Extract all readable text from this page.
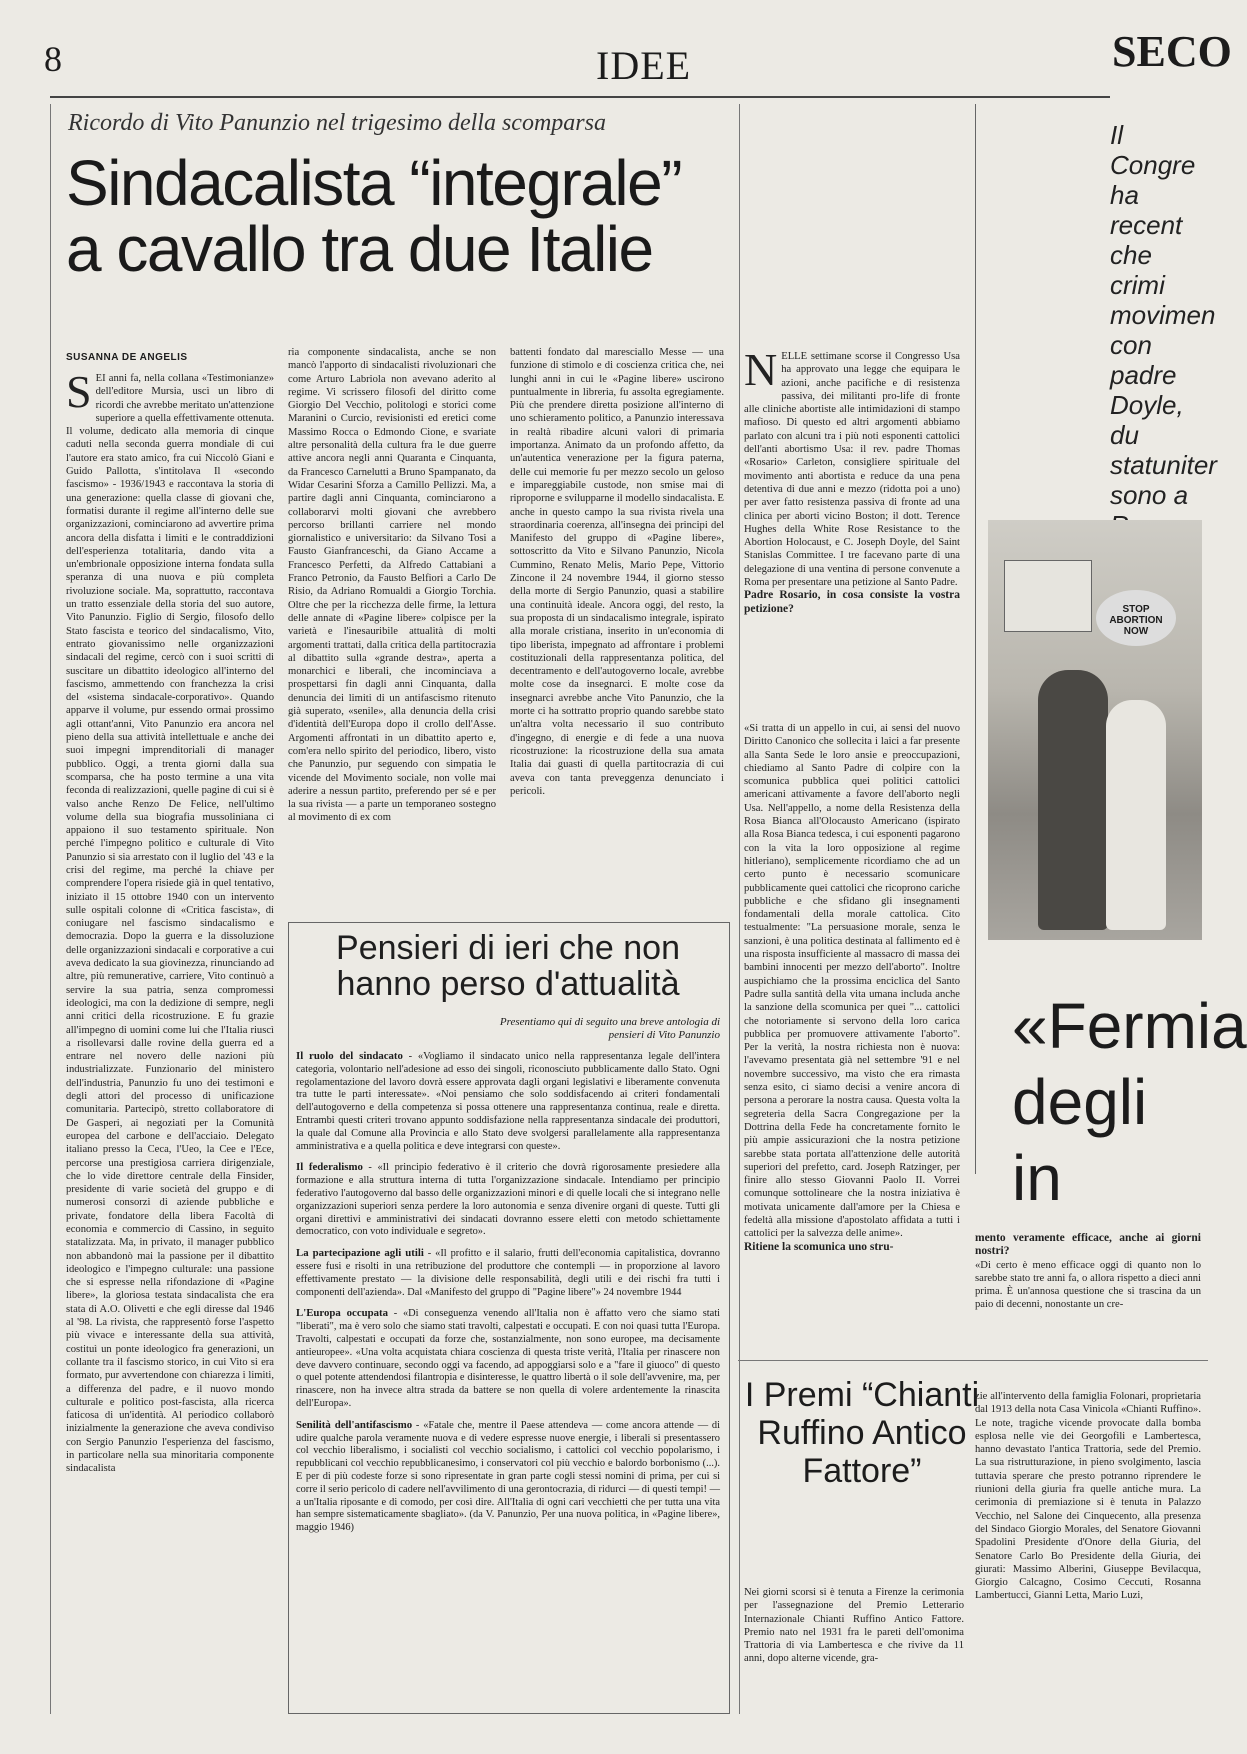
8	IDEE	SECO
Ricordo di Vito Panunzio nel trigesimo della scomparsa
Sindacalista “integrale”
a cavallo tra due Italie
SUSANNA DE ANGELIS
SEI anni fa, nella collana «Testimonianze» dell'editore Mursia, uscì un libro di ricordi che avrebbe meritato un'attenzione superiore a quella effettivamente ottenuta. Il volume, dedicato alla memoria di cinque caduti nella seconda guerra mondiale di cui l'autore era stato amico, fra cui Niccolò Giani e Guido Pallotta, s'intitolava Il «secondo fascismo» - 1936/1943 e raccontava la storia di una generazione: quella classe di giovani che, formatisi durante il regime all'interno delle sue organizzazioni, cominciarono ad avvertire prima ancora della disfatta i limiti e le contraddizioni dell'esperienza totalitaria, dando vita a un'embrionale opposizione interna fondata sulla speranza di una nuova e più completa rivoluzione sociale. Ma, soprattutto, raccontava un tratto essenziale della storia del suo autore, Vito Panunzio. Figlio di Sergio, filosofo dello Stato fascista e teorico del sindacalismo, Vito, entrato giovanissimo nelle organizzazioni sindacali del regime, cercò con i suoi scritti di suscitare un dibattito ideologico all'interno del fascismo, ammettendo con franchezza la crisi del «sistema sindacale-corporativo». Quando apparve il volume, pur essendo ormai prossimo agli ottant'anni, Vito Panunzio era ancora nel pieno della sua attività intellettuale e anche dei suoi impegni imprenditoriali di manager pubblico. Oggi, a trenta giorni dalla sua scomparsa, che ha posto termine a una vita feconda di realizzazioni, quelle pagine di cui si è valso anche Renzo De Felice, nell'ultimo volume della sua biografia mussoliniana ci appaiono il suo testamento spirituale. Non perché l'impegno politico e culturale di Vito Panunzio si sia arrestato con il luglio del '43 e la crisi del regime, ma perché la chiave per comprendere l'opera risiede già in quel tentativo, iniziato il 15 ottobre 1940 con un intervento sulle ospitali colonne di «Critica fascista», di coniugare nel fascismo sindacalismo e democrazia. Dopo la guerra e la dissoluzione delle organizzazioni sindacali e corporative a cui aveva dedicato la sua giovinezza, rinunciando ad altre, più remunerative, carriere, Vito continuò a servire la sua patria, senza compromessi ideologici, ma con la dedizione di sempre, negli anni critici della ricostruzione. E fu grazie all'impegno di uomini come lui che l'Italia riuscì a risollevarsi dalle rovine della guerra ed a entrare nel novero delle nazioni più industrializzate. Funzionario del ministero dell'industria, Panunzio fu uno dei testimoni e degli attori del processo di unificazione comunitaria. Partecipò, stretto collaboratore di De Gasperi, ai negoziati per la Comunità europea del carbone e dell'acciaio. Delegato italiano presso la Ceca, l'Ueo, la Cee e l'Ece, percorse una prestigiosa carriera dirigenziale, che lo vide direttore centrale della Finsider, presidente di varie società del gruppo e di numerosi consorzi di aziende pubbliche e private, fondatore della libera Facoltà di economia e commercio di Cassino, in seguito statalizzata. Ma, in privato, il manager pubblico non abbandonò mai la passione per il dibattito ideologico e l'impegno culturale: una passione che si espresse nella rifondazione di «Pagine libere», la gloriosa testata sindacalista che era stata di A.O. Olivetti e che egli diresse dal 1946 al '98. La rivista, che rappresentò forse l'aspetto più vivace e interessante della sua attività, costituì un ponte ideologico fra generazioni, un collante tra il fascismo storico, in cui Vito si era formato, pur avvertendone con chiarezza i limiti, a differenza del padre, e il nuovo mondo culturale e politico post-fascista, alla ricerca faticosa di un'identità. Al periodico collaborò inizialmente la generazione che aveva condiviso con Sergio Panunzio l'esperienza del fascismo, in particolare nella sua minoritaria componente sindacalista
ria componente sindacalista, anche se non mancò l'apporto di sindacalisti rivoluzionari che come Arturo Labriola non avevano aderito al regime. Vi scrissero filosofi del diritto come Giorgio Del Vecchio, politologi e storici come Maranini o Curcio, revisionisti ed eretici come Massimo Rocca o Edmondo Cione, e svariate altre personalità della cultura fra le due guerre attive ancora negli anni Quaranta e Cinquanta, da Francesco Carnelutti a Bruno Spampanato, da Widar Cesarini Sforza a Camillo Pellizzi. Ma, a partire dagli anni Cinquanta, cominciarono a collaborarvi molti giovani che avrebbero percorso brillanti carriere nel mondo giornalistico e universitario: da Silvano Tosi a Fausto Gianfranceschi, da Giano Accame a Francesco Perfetti, da Alfredo Cattabiani a Franco Petronio, da Fausto Belfiori a Carlo De Risio, da Adriano Romualdi a Giorgio Torchia. Oltre che per la ricchezza delle firme, la lettura delle annate di «Pagine libere» colpisce per la varietà e l'inesauribile attualità di molti argomenti trattati, dalla critica della partitocrazia al dibattito sulla «grande destra», aperta a monarchici e liberali, che incominciava a prospettarsi fin dagli anni Cinquanta, dalla denuncia dei limiti di un antifascismo ritenuto già superato, «senile», alla denuncia della crisi d'identità dell'Europa dopo il crollo dell'Asse. Argomenti affrontati in un dibattito aperto e, com'era nello spirito del periodico, libero, visto che Panunzio, pur seguendo con simpatia le vicende del Movimento sociale, non volle mai aderire a nessun partito, preferendo per sé e per la sua rivista — a parte un temporaneo sostegno al movimento di ex com
battenti fondato dal maresciallo Messe — una funzione di stimolo e di coscienza critica che, nei lunghi anni in cui le «Pagine libere» uscirono puntualmente in libreria, fu assolta egregiamente. Più che prendere diretta posizione all'interno di uno schieramento politico, a Panunzio interessava in realtà ribadire alcuni valori di primaria importanza. Animato da un profondo affetto, da un'autentica venerazione per la figura paterna, delle cui memorie fu per mezzo secolo un geloso e impareggiabile custode, non smise mai di riproporne e svilupparne il modello sindacalista. E anche in questo campo la sua rivista rivela una straordinaria coerenza, all'insegna dei principi del Manifesto del gruppo di «Pagine libere», sottoscritto da Vito e Silvano Panunzio, Nicola Cummino, Renato Melis, Mario Pepe, Vittorio Zincone il 24 novembre 1944, il giorno stesso della morte di Sergio Panunzio, quasi a stabilire una continuità ideale. Ancora oggi, del resto, la sua proposta di un sindacalismo integrale, ispirato alla morale cristiana, inserito in un'economia di tipo liberista, impegnato ad affrontare i problemi costituzionali della rappresentanza politica, del decentramento e dell'autogoverno locale, avrebbe molte cose da insegnarci. E molte cose da insegnarci avrebbe anche Vito Panunzio, che la morte ci ha sottratto proprio quando sarebbe stato un'altra volta necessario il suo contributo d'ingegno, di energie e di fede a una nuova ricostruzione: la ricostruzione della sua amata Italia dai guasti di quella partitocrazia di cui aveva con tanta preveggenza denunciato i pericoli.
Pensieri di ieri che non hanno perso d'attualità
Presentiamo qui di seguito una breve antologia di pensieri di Vito Panunzio

Il ruolo del sindacato - «Vogliamo il sindacato unico nella rappresentanza legale dell'intera categoria, volontario nell'adesione ad esso dei singoli, riconosciuto pubblicamente dallo Stato. Ogni regolamentazione del lavoro dovrà essere approvata dagli organi legislativi e liberamente convenuta tra tutte le parti interessate». «Noi pensiamo che solo soddisfacendo ai criteri fondamentali dell'autogoverno e della competenza si possa ottenere una rappresentanza continua, reale e diretta. Entrambi questi criteri trovano appunto soddisfazione nella rappresentanza sindacale dei produttori, la quale dal Comune alla Provincia e allo Stato deve svolgersi parallelamente alla rappresentanza amministrativa e a quella politica e deve integrarsi con queste».

Il federalismo - «Il principio federativo è il criterio che dovrà rigorosamente presiedere alla formazione e alla struttura interna di tutta l'organizzazione sindacale. Intendiamo per principio federativo l'autogoverno dal basso delle organizzazioni minori e di quelle locali che si integrano nelle organizzazioni superiori senza perdere la loro autonomia e senza divenire organi di queste. Tutti gli organi direttivi e amministrativi dei sindacati dovranno essere eletti con metodo schiettamente democratico, con voto individuale e segreto».

La partecipazione agli utili - «Il profitto e il salario, frutti dell'economia capitalistica, dovranno essere fusi e risolti in una retribuzione del produttore che contempli — in proporzione al lavoro effettivamente prestato — la divisione delle responsabilità, degli utili e dei rischi fra tutti i componenti dell'azienda». Dal «Manifesto del gruppo di "Pagine libere"» 24 novembre 1944

L'Europa occupata - «Di conseguenza venendo all'Italia non è affatto vero che siamo stati "liberati", ma è vero solo che siamo stati travolti, calpestati e occupati. E con noi quasi tutta l'Europa. Travolti, calpestati e occupati da forze che, sostanzialmente, non sono europee, ma decisamente antieuropee». «Una volta acquistata chiara coscienza di questa triste verità, l'Italia per rinascere non deve davvero continuare, secondo oggi va facendo, ad appoggiarsi solo e a "fare il giuoco" di questo o quel potente attendendosi filantropia e disinteresse, le quattro libertà o il sole dell'avvenire, ma, per rinascere, non ha invece altra strada da battere se non quella di volere ardentemente la rinascita dell'Europa».

Senilità dell'antifascismo - «Fatale che, mentre il Paese attendeva — come ancora attende — di udire qualche parola veramente nuova e di vedere espresse nuove energie, i liberali si presentassero col vecchio liberalismo, i socialisti col vecchio socialismo, i cattolici col vecchio popolarismo, i repubblicani col vecchio repubblicanesimo, i conservatori col più vecchio e balordo borbonismo (...). E per di più codeste forze si sono ripresentate in gran parte cogli stessi nomini di prima, per cui si corre il serio pericolo di cadere nell'avvilimento di una gerontocrazia, di ridurci — di questi tempi! — a un'Italia riposante e di comodo, per così dire. All'Italia di ogni cari vecchietti che per tutta una vita han sempre sistematicamente sbagliato». (da V. Panunzio, Per una nuova politica, in «Pagine libere», maggio 1946)

NELLE settimane scorse il Congresso Usa ha approvato una legge che equipara le azioni, anche pacifiche e di resistenza passiva, dei militanti pro-life di fronte alle cliniche abortiste alle intimidazioni di stampo mafioso. Di questo ed altri argomenti abbiamo parlato con alcuni tra i più noti esponenti cattolici dell'anti abortismo Usa: il rev. padre Thomas «Rosario» Carleton, consigliere spirituale del movimento anti abortista e reduce da una pena detentiva di due anni e mezzo (ridotta poi a uno) per aver fatto resistenza passiva di fronte ad una clinica per aborti vicino Boston; il dott. Terence Hughes della White Rose Resistance to the Abortion Holocaust, e C. Joseph Doyle, del Saint Stanislas Committee. I tre facevano parte di una delegazione di una ventina di persone convenute a Roma per presentare una petizione al Santo Padre.
Padre Rosario, in cosa consiste la vostra petizione?
«Si tratta di un appello in cui, ai sensi del nuovo Diritto Canonico che sollecita i laici a far presente alla Santa Sede le loro ansie e preoccupazioni, chiediamo al Santo Padre di colpire con la scomunica pubblica quei politici cattolici americani attivamente a favore dell'aborto negli Usa. Nell'appello, a nome della Resistenza della Rosa Bianca all'Olocausto Americano (ispirato alla Rosa Bianca tedesca, i cui esponenti pagarono con la vita la loro opposizione al regime hitleriano), semplicemente ricordiamo che ad un certo punto è necessario scomunicare pubblicamente quei cattolici che ricoprono cariche pubbliche e che sfidano gli insegnamenti fondamentali della morale cattolica. Cito testualmente: "La persuasione morale, senza le sanzioni, è una politica destinata al fallimento ed è una risposta insufficiente al massacro di massa dei bambini innocenti per mezzo dell'aborto". Inoltre auspichiamo che la prossima enciclica del Santo Padre sulla santità della vita umana includa anche la sanzione della scomunica per quei "... cattolici che notoriamente si servono della loro carica pubblica per promuovere attivamente l'aborto". Per la verità, la nostra richiesta non è nuova: l'avevamo presentata già nel settembre '91 e nel novembre successivo, ma visto che era rimasta senza esito, ci siamo decisi a venire ancora di persona a perorare la nostra causa. Questa volta la segreteria della Sacra Congregazione per la Dottrina della Fede ha concretamente fornito le più ampie assicurazioni che la nostra petizione sarebbe stata portata all'attenzione delle autorità superiori del prefetto, card. Joseph Ratzinger, per finire allo stesso Giovanni Paolo II. Vorrei comunque sottolineare che la nostra iniziativa è motivata unicamente dall'amore per la Chiesa e fedeltà alla missione d'apostolato affidata a tutti i cattolici per la salvezza delle anime».
Ritiene la scomunica uno stru-
mento veramente efficace, anche ai giorni nostri?
«Di certo è meno efficace oggi di quanto non lo sarebbe stato tre anni fa, o allora rispetto a dieci anni prima. È un'annosa questione che si trascina da un paio di decenni, nonostante un cre-
Il Congre ha recent che crimi movimen con padre Doyle, du statuniter sono a
STOP ABORTION NOW
«Fermia degli in
I Premi “Chianti Ruffino Antico Fattore”
Nei giorni scorsi si è tenuta a Firenze la cerimonia per l'assegnazione del Premio Letterario Internazionale Chianti Ruffino Antico Fattore. Premio nato nel 1931 fra le pareti dell'omonima Trattoria di via Lambertesca e che rivive da 11 anni, dopo alterne vicende, gra-
zie all'intervento della famiglia Folonari, proprietaria dal 1913 della nota Casa Vinicola «Chianti Ruffino». Le note, tragiche vicende provocate dalla bomba esplosa nelle vie dei Georgofili e Lambertesca, hanno devastato l'antica Trattoria, sede del Premio. La sua ristrutturazione, in pieno svolgimento, lascia tuttavia sperare che presto potranno riprendere le riunioni della giuria fra quelle antiche mura. La cerimonia di premiazione si è tenuta in Palazzo Vecchio, nel Salone dei Cinquecento, alla presenza del Sindaco Giorgio Morales, del Senatore Giovanni Spadolini Presidente d'Onore della Giuria, del Senatore Carlo Bo Presidente della Giuria, dei giurati: Massimo Alberini, Giuseppe Bevilacqua, Giorgio Calcagno, Cosimo Ceccuti, Rosanna Lambertucci, Gianni Letta, Mario Luzi,
